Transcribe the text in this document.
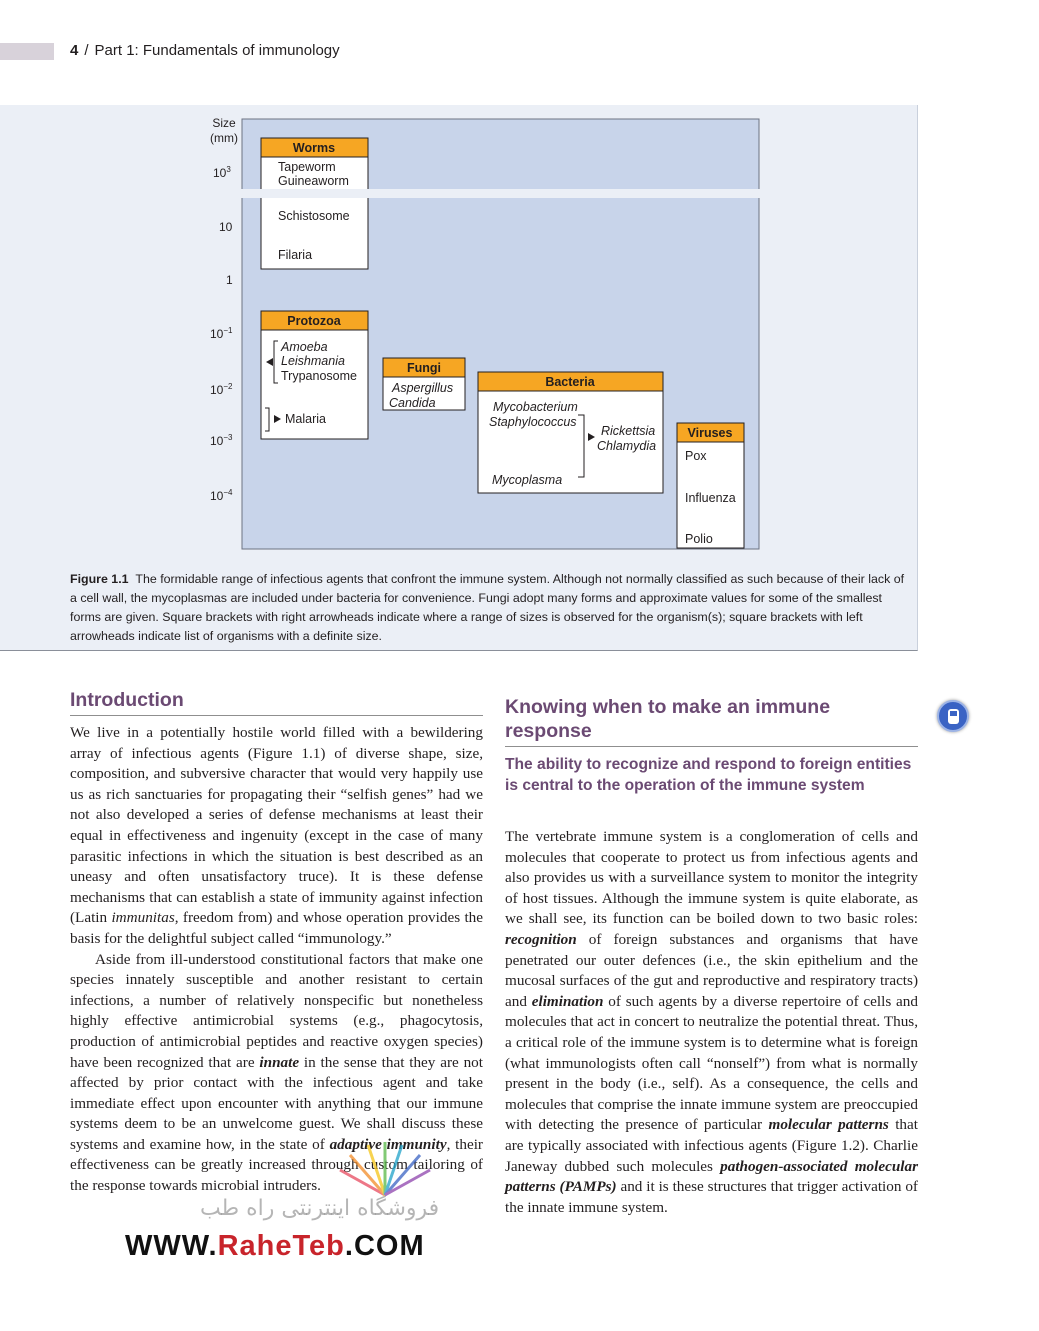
4 / Part 1: Fundamentals of immunology
Size
(mm)
$10^3$
10
1
$10^{-1}$
$10^{-2}$
$10^{-3}$
$10^{-4}$
Worms
Tapeworm
Guineaworm
Schistosome
Filaria
Protozoa
Amoeba
Leishmania
Trypanosome
Malaria
Fungi
Aspergillus
Candida
Bacteria
Mycobacterium
Staphylococcus
Rickettsia
Chlamydia
Mycoplasma
Viruses
Pox
Influenza
Polio
Figure 1.1 The formidable range of infectious agents that confront the immune system. Although not normally classified as such because of their lack of a cell wall, the mycoplasmas are included under bacteria for convenience. Fungi adopt many forms and approximate values for some of the smallest forms are given. Square brackets with right arrowheads indicate where a range of sizes is observed for the organism(s); square brackets with left arrowheads indicate list of organisms with a definite size.
Introduction

We live in a potentially hostile world filled with a bewildering array of infectious agents (Figure 1.1) of diverse shape, size, composition, and subversive character that would very happily use us as rich sanctuaries for propagating their “selfish genes” had we not also developed a series of defense mechanisms at least their equal in effectiveness and ingenuity (except in the case of many parasitic infections in which the situation is best described as an uneasy and often unsatisfactory truce). It is these defense mechanisms that can establish a state of immunity against infection (Latin immunitas, freedom from) and whose operation provides the basis for the delightful subject called “immunology.”

Aside from ill-understood constitutional factors that make one species innately susceptible and another resistant to certain infections, a number of relatively nonspecific but nonetheless highly effective antimicrobial systems (e.g., phagocytosis, production of antimicrobial peptides and reactive oxygen species) have been recognized that are innate in the sense that they are not affected by prior contact with the infectious agent and take immediate effect upon encounter with anything that our immune systems deem to be an unwelcome guest. We shall discuss these systems and examine how, in the state of adaptive immunity, their effectiveness can be greatly increased through custom tailoring of the response towards microbial intruders.

Knowing when to make an immune response
The ability to recognize and respond to foreign entities is central to the operation of the immune system

The vertebrate immune system is a conglomeration of cells and molecules that cooperate to protect us from infectious agents and also provides us with a surveillance system to monitor the integrity of host tissues. Although the immune system is quite elaborate, as we shall see, its function can be boiled down to two basic roles: recognition of foreign substances and organisms that have penetrated our outer defences (i.e., the skin epithelium and the mucosal surfaces of the gut and reproductive and respiratory tracts) and elimination of such agents by a diverse repertoire of cells and molecules that act in concert to neutralize the potential threat. Thus, a critical role of the immune system is to determine what is foreign (what immunologists often call “nonself”) from what is normally present in the body (i.e., self). As a consequence, the cells and molecules that comprise the innate immune system are preoccupied with detecting the presence of particular molecular patterns that are typically associated with infectious agents (Figure 1.2). Charlie Janeway dubbed such molecules pathogen-associated molecular patterns (PAMPs) and it is these structures that trigger activation of the innate immune system.

فروشگاه اینترنتی راه طب
WWW.RaheTeb.COM
